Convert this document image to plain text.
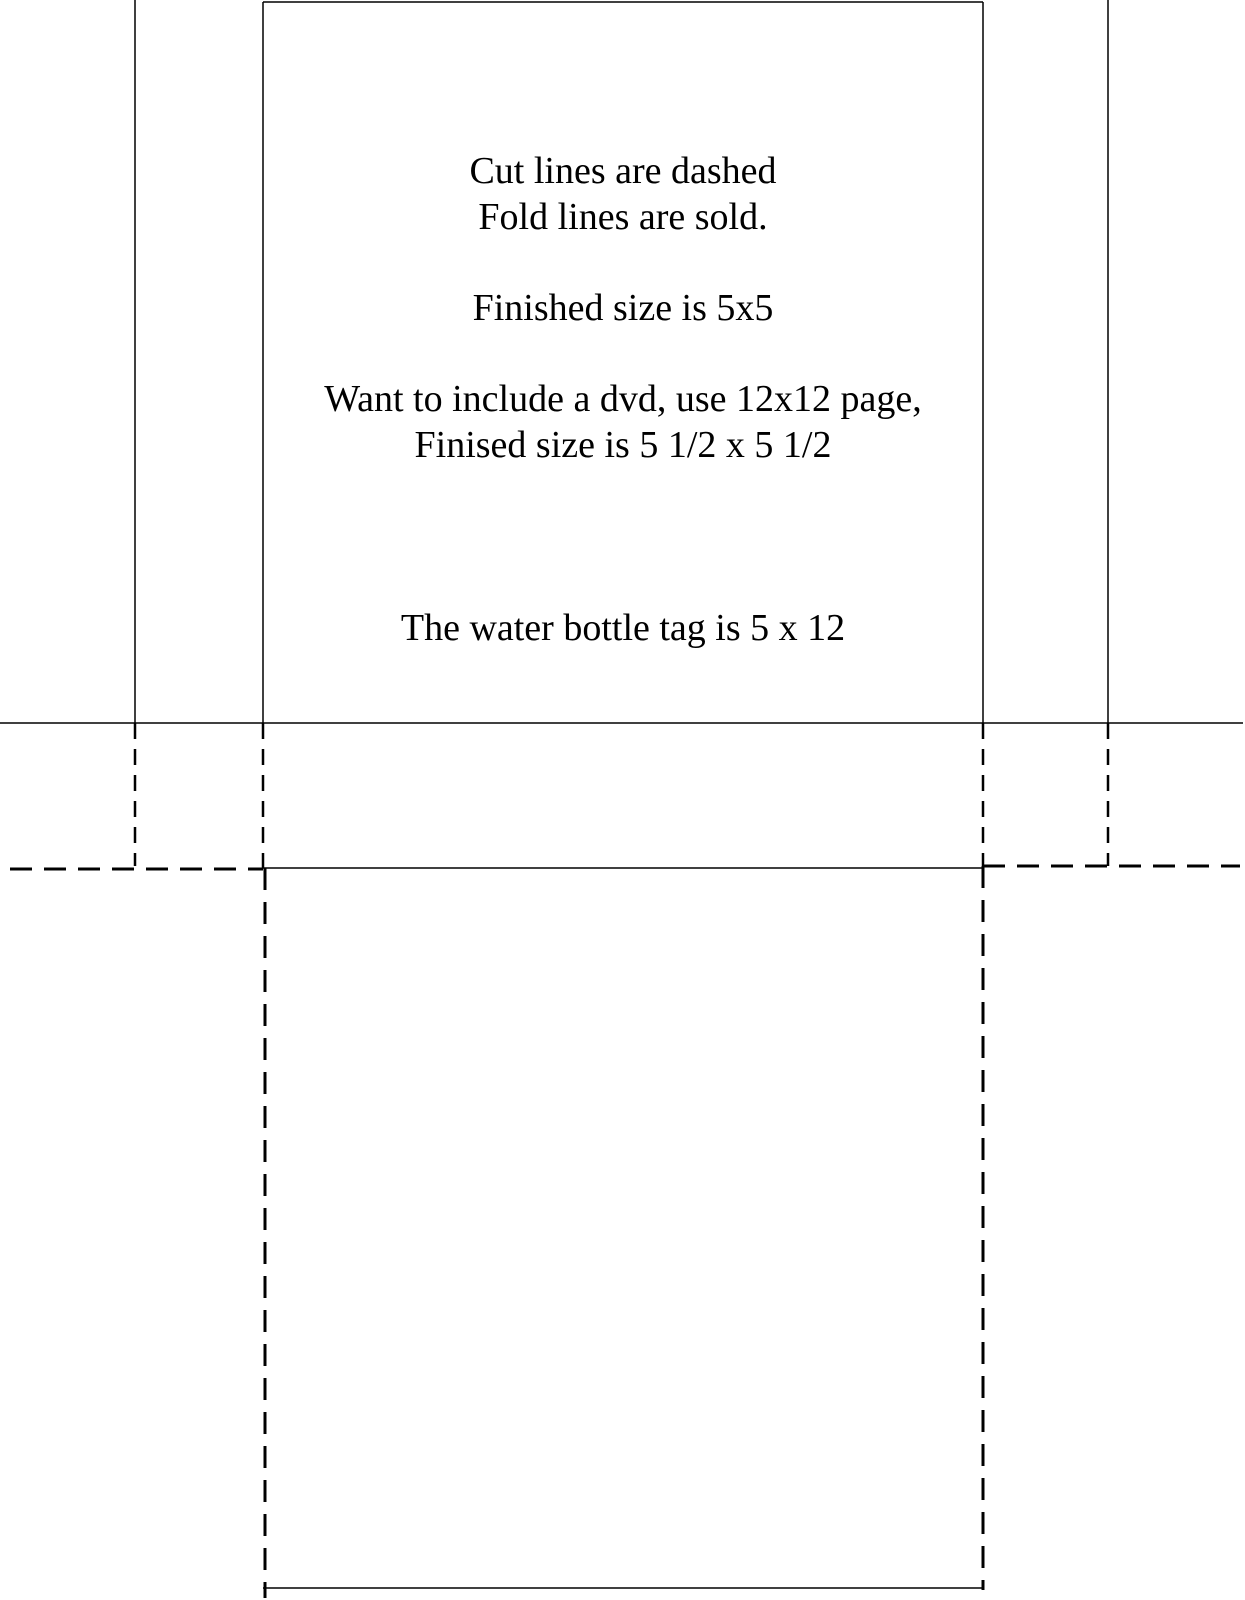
Cut lines are dashed
Fold lines are sold.
Finished size is 5x5
Want to include a dvd, use 12x12 page,
Finised size is 5 1/2 x 5 1/2
The water bottle tag is 5 x 12
